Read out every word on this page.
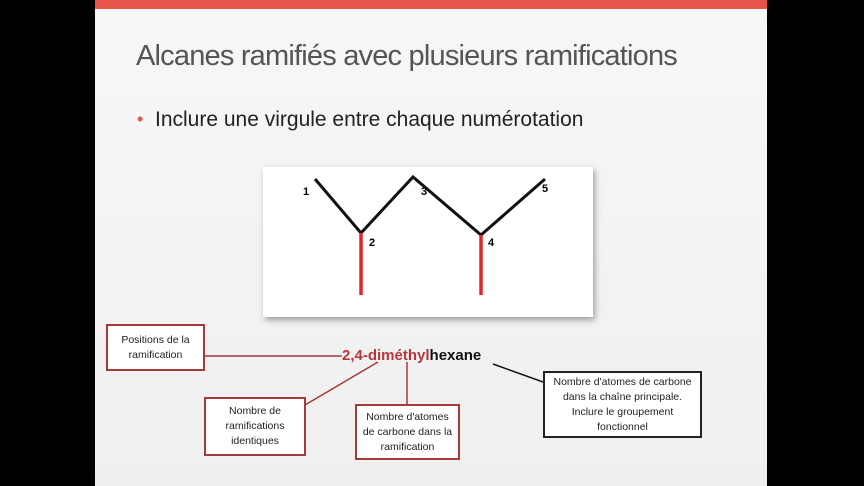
Alcanes ramifiés avec plusieurs ramifications
• Inclure une virgule entre chaque numérotation
1
2
3
4
5
2,4-diméthylhexane
Positions de la ramification
Nombre de ramifications identiques
Nombre d'atomes de carbone dans la ramification
Nombre d'atomes de carbone dans la chaîne principale. Inclure le groupement fonctionnel
